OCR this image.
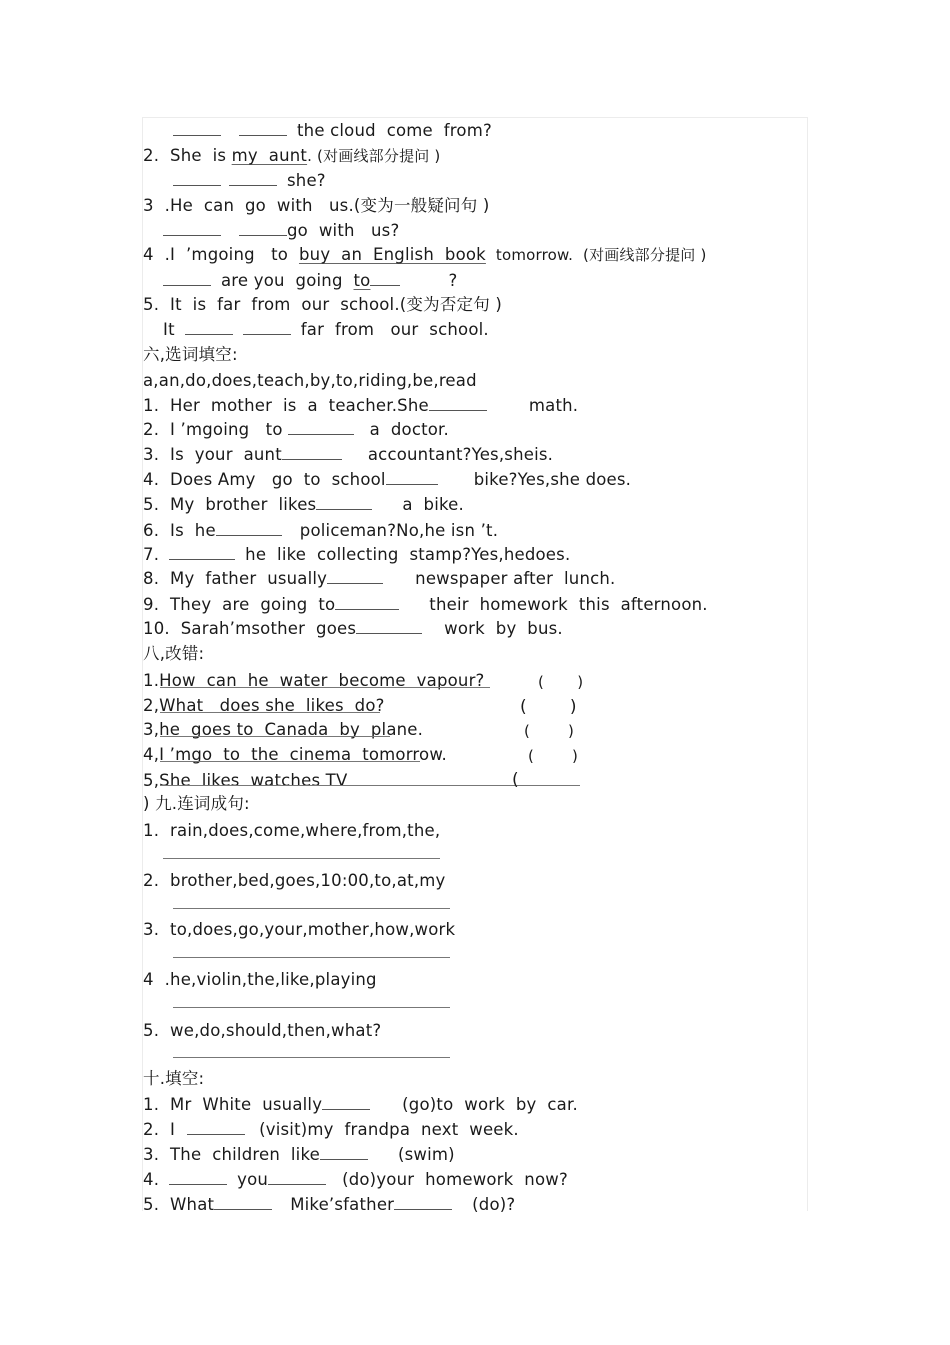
the cloud  come  from?
2.  She  is my  aunt. (对画线部分提问 )
she?
3  .He  can  go  with   us.(变为一般疑问句 )
go  with   us?
4  .I  ’mgoing   to  buy  an  English  book  tomorrow.  (对画线部分提问 )
are you  going  to	?
5.  It  is  far  from  our  school.(变为否定句 )
It	far  from   our  school.
六,选词填空:
a,an,do,does,teach,by,to,riding,be,read
1.  Her  mother  is  a  teacher.She	math.
2.  I ’mgoing   to	a  doctor.
3.  Is  your  aunt	accountant?Yes,sheis.
4.  Does Amy   go  to  school	bike?Yes,she does.
5.  My  brother  likes	a  bike.
6.  Is  he	policeman?No,he isn ’t.
7.	he  like  collecting  stamp?Yes,hedoes.
8.  My  father  usually	newspaper after  lunch.
9.  They  are  going  to	their  homework  this  afternoon.
10.  Sarah’msother  goes	work  by  bus.
八,改错:
1.How  can  he  water  become  vapour?	( )
2,What   does she  likes  do?	(	)
3,he  goes to  Canada  by  plane.	(	)
4,I ’mgo  to  the  cinema  tomorrow.	(	)
5,She  likes  watches TV	(
) 九.连词成句:
1.  rain,does,come,where,from,the,
2.  brother,bed,goes,10:00,to,at,my
3.  to,does,go,your,mother,how,work
4  .he,violin,the,like,playing
5.  we,do,should,then,what?
十.填空:
1.  Mr  White  usually	(go)to  work  by  car.
2.  I	(visit)my  frandpa  next  week.
3.  The  children  like	(swim)
4.	you	(do)your  homework  now?
5.  What	Mike’sfather	(do)?
